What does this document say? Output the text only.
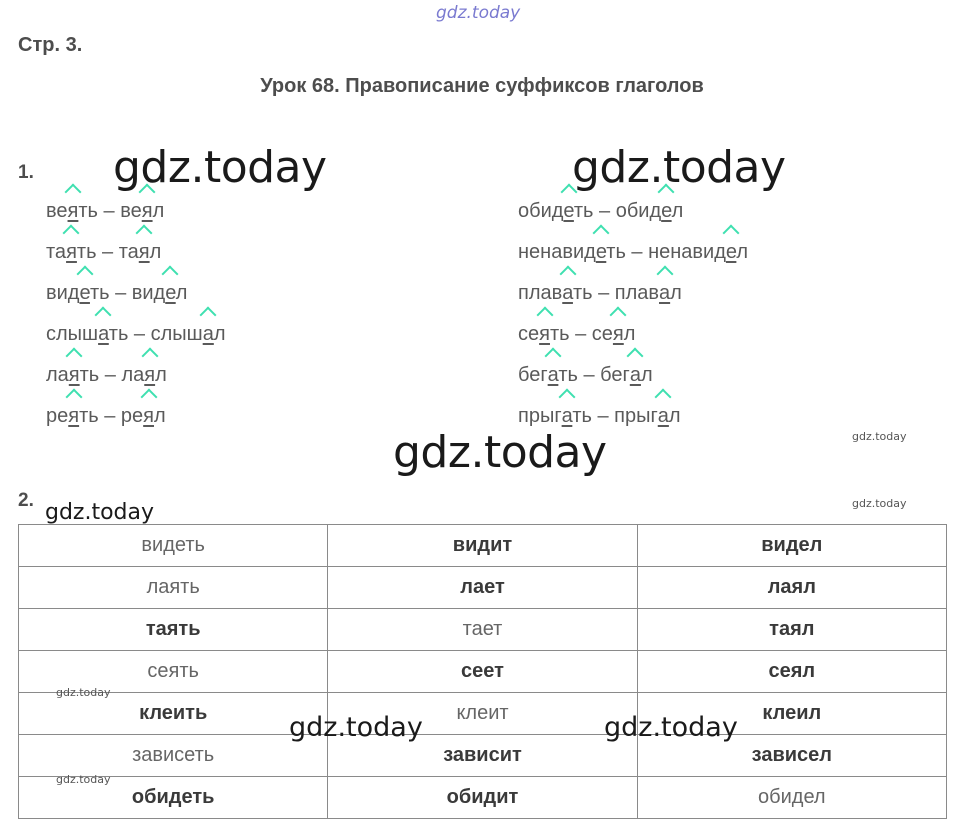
gdz.today
Стр. 3.
Урок 68. Правописание суффиксов глаголов
1. gdz.today	gdz.today
веять – веял
таять – таял
видеть – видел
слышать – слышал
лаять – лаял
реять – реял
обидеть – обидел
ненавидеть – ненавидел
плавать – плавал
сеять – сеял
бегать – бегал
прыгать – прыгал
gdz.today
gdz.today
2. gdz.today	gdz.today
видеть	видит	видел
лаять	лает	лаял
таять	тает	таял
сеять	сеет	сеял
клеить	клеит	клеил
зависеть	зависит	зависел
обидеть	обидит	обидел
gdz.today
gdz.today
gdz.today	gdz.today
